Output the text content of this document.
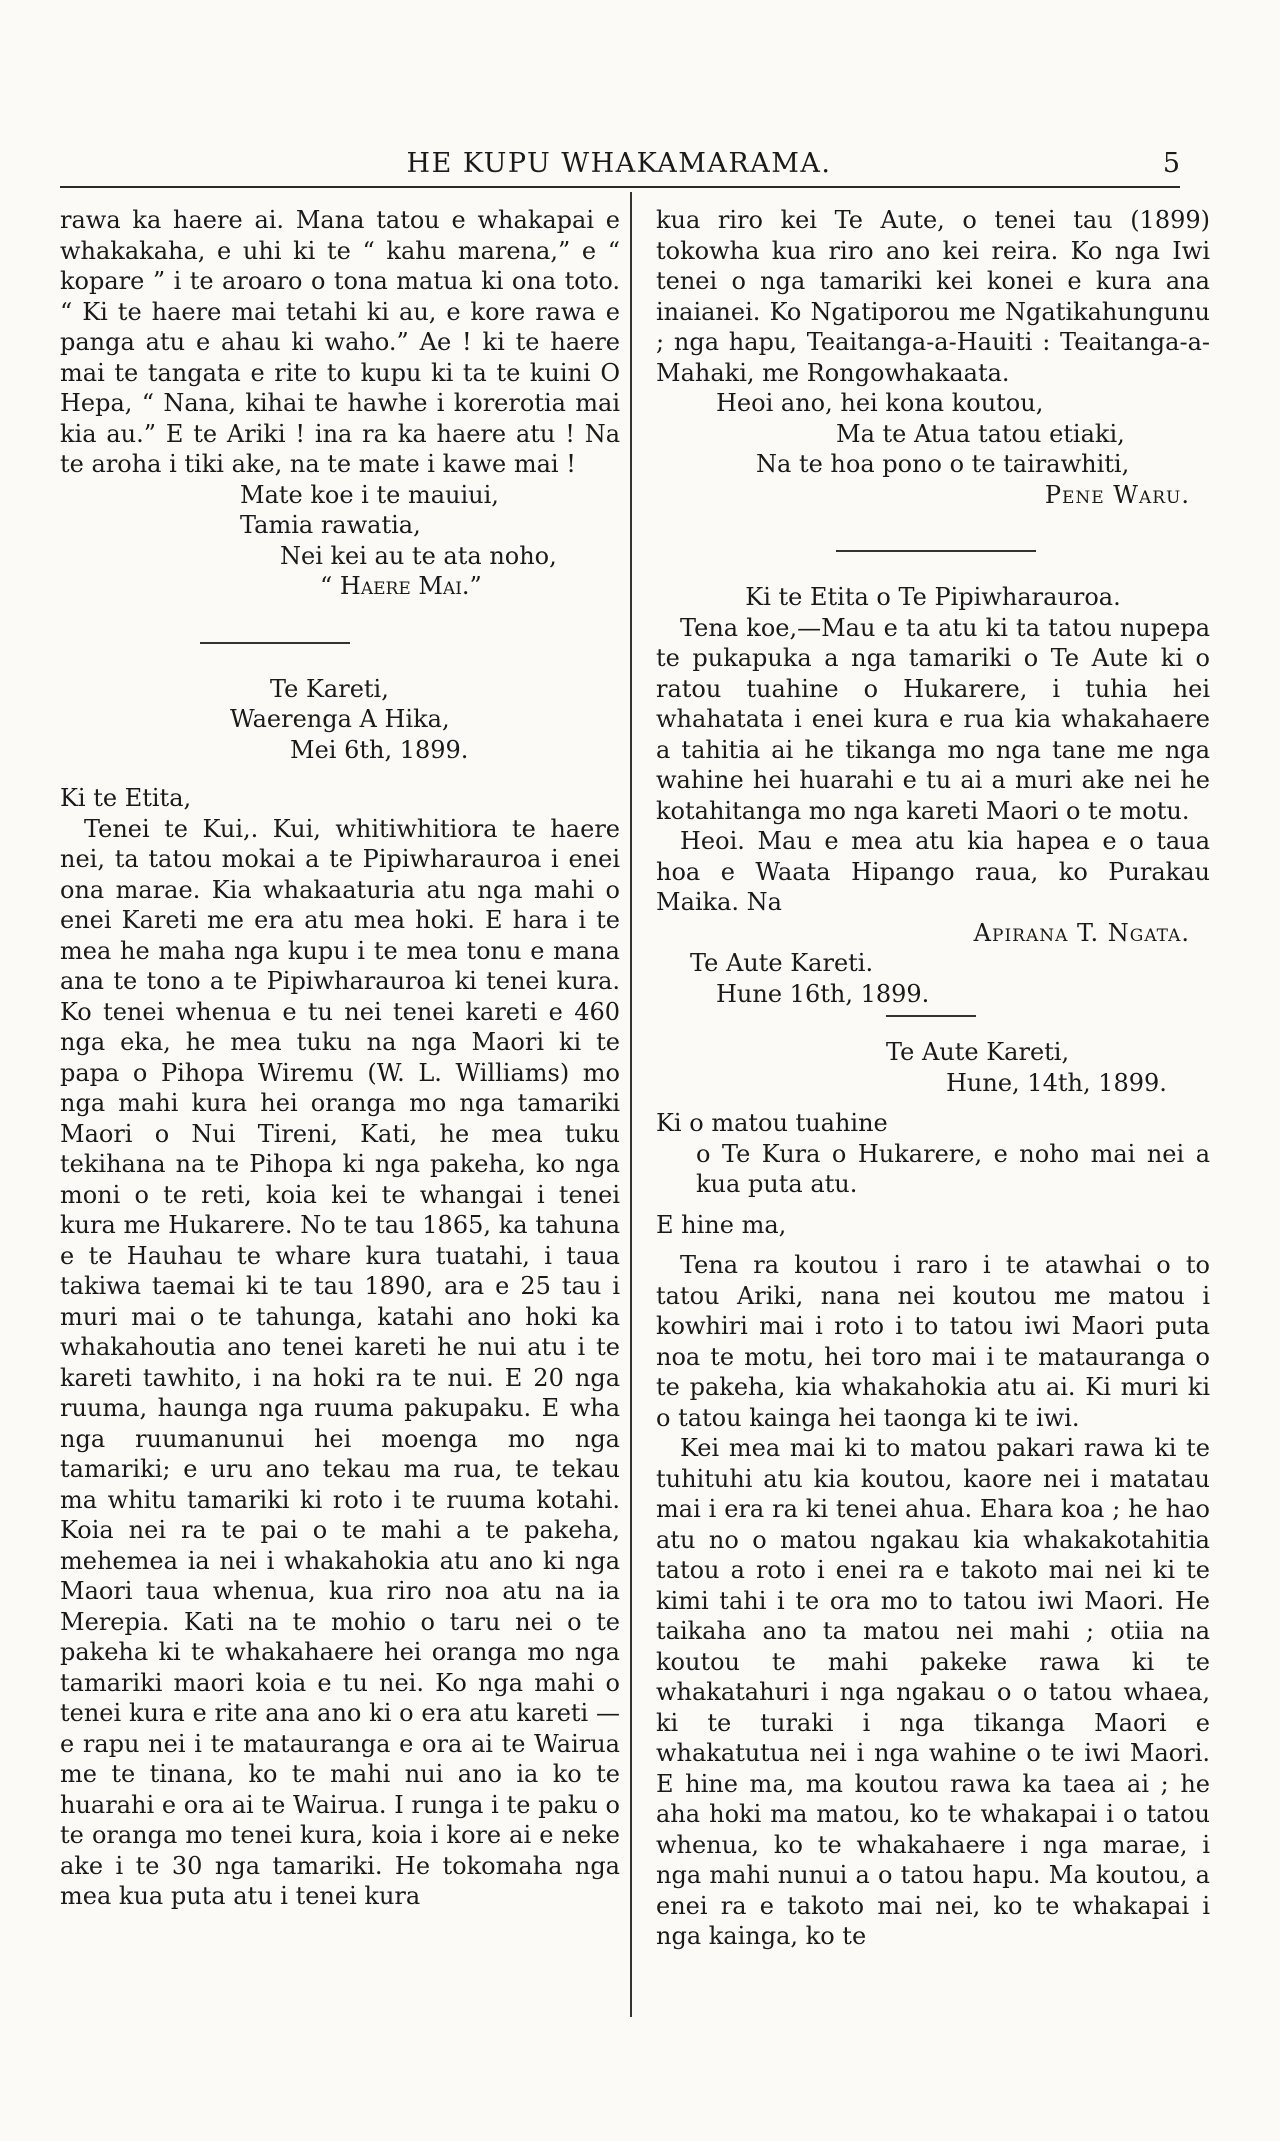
HE KUPU WHAKAMARAMA.	5

rawa ka haere ai. Mana tatou e whakapai e whakakaha, e uhi ki te “ kahu marena,” e “ kopare ” i te aroaro o tona matua ki ona toto. “ Ki te haere mai tetahi ki au, e kore rawa e panga atu e ahau ki waho.” Ae ! ki te haere mai te tangata e rite to kupu ki ta te kuini O Hepa, “ Nana, kihai te hawhe i korerotia mai kia au.” E te Ariki ! ina ra ka haere atu ! Na te aroha i tiki ake, na te mate i kawe mai !

Mate koe i te mauiui,
Tamia rawatia,
Nei kei au te ata noho,
“ Haere Mai.”
Te Kareti,
Waerenga A Hika,
Mei 6th, 1899.
Ki te Etita,

Tenei te Kui,. Kui, whitiwhitiora te haere nei, ta tatou mokai a te Pipiwharauroa i enei ona marae. Kia whakaaturia atu nga mahi o enei Kareti me era atu mea hoki. E hara i te mea he maha nga kupu i te mea tonu e mana ana te tono a te Pipiwharauroa ki tenei kura. Ko tenei whenua e tu nei tenei kareti e 460 nga eka, he mea tuku na nga Maori ki te papa o Pihopa Wiremu (W. L. Williams) mo nga mahi kura hei oranga mo nga tamariki Maori o Nui Tireni, Kati, he mea tuku tekihana na te Pihopa ki nga pakeha, ko nga moni o te reti, koia kei te whangai i tenei kura me Hukarere. No te tau 1865, ka tahuna e te Hauhau te whare kura tuatahi, i taua takiwa taemai ki te tau 1890, ara e 25 tau i muri mai o te tahunga, katahi ano hoki ka whakahoutia ano tenei kareti he nui atu i te kareti tawhito, i na hoki ra te nui. E 20 nga ruuma, haunga nga ruuma pakupaku. E wha nga ruumanunui hei moenga mo nga tamariki; e uru ano tekau ma rua, te tekau ma whitu tamariki ki roto i te ruuma kotahi. Koia nei ra te pai o te mahi a te pakeha, mehemea ia nei i whakahokia atu ano ki nga Maori taua whenua, kua riro noa atu na ia Merepia. Kati na te mohio o taru nei o te pakeha ki te whakahaere hei oranga mo nga tamariki maori koia e tu nei. Ko nga mahi o tenei kura e rite ana ano ki o era atu kareti —e rapu nei i te matauranga e ora ai te Wairua me te tinana, ko te mahi nui ano ia ko te huarahi e ora ai te Wairua. I runga i te paku o te oranga mo tenei kura, koia i kore ai e neke ake i te 30 nga tamariki. He tokomaha nga mea kua puta atu i tenei kura

kua riro kei Te Aute, o tenei tau (1899) tokowha kua riro ano kei reira. Ko nga Iwi tenei o nga tamariki kei konei e kura ana inaianei. Ko Ngatiporou me Ngatikahungunu ; nga hapu, Teaitanga-a-Hauiti : Teaitanga-a-Mahaki, me Rongowhakaata.

Heoi ano, hei kona koutou,
Ma te Atua tatou etiaki,
Na te hoa pono o te tairawhiti,
Pene Waru.
Ki te Etita o Te Pipiwharauroa.

Tena koe,—Mau e ta atu ki ta tatou nupepa te pukapuka a nga tamariki o Te Aute ki o ratou tuahine o Hukarere, i tuhia hei whahatata i enei kura e rua kia whakahaere a tahitia ai he tikanga mo nga tane me nga wahine hei huarahi e tu ai a muri ake nei he kotahitanga mo nga kareti Maori o te motu.

Heoi. Mau e mea atu kia hapea e o taua hoa e Waata Hipango raua, ko Purakau Maika. Na

Apirana T. Ngata.
Te Aute Kareti.
Hune 16th, 1899.
Te Aute Kareti,
Hune, 14th, 1899.
Ki o matou tuahine

o Te Kura o Hukarere, e noho mai nei a kua puta atu.

E hine ma,

Tena ra koutou i raro i te atawhai o to tatou Ariki, nana nei koutou me matou i kowhiri mai i roto i to tatou iwi Maori puta noa te motu, hei toro mai i te matauranga o te pakeha, kia whakahokia atu ai. Ki muri ki o tatou kainga hei taonga ki te iwi.

Kei mea mai ki to matou pakari rawa ki te tuhituhi atu kia koutou, kaore nei i matatau mai i era ra ki tenei ahua. Ehara koa ; he hao atu no o matou ngakau kia whakakotahitia tatou a roto i enei ra e takoto mai nei ki te kimi tahi i te ora mo to tatou iwi Maori. He taikaha ano ta matou nei mahi ; otiia na koutou te mahi pakeke rawa ki te whakatahuri i nga ngakau o o tatou whaea, ki te turaki i nga tikanga Maori e whakatutua nei i nga wahine o te iwi Maori. E hine ma, ma koutou rawa ka taea ai ; he aha hoki ma matou, ko te whakapai i o tatou whenua, ko te whakahaere i nga marae, i nga mahi nunui a o tatou hapu. Ma koutou, a enei ra e takoto mai nei, ko te whakapai i nga kainga, ko te
